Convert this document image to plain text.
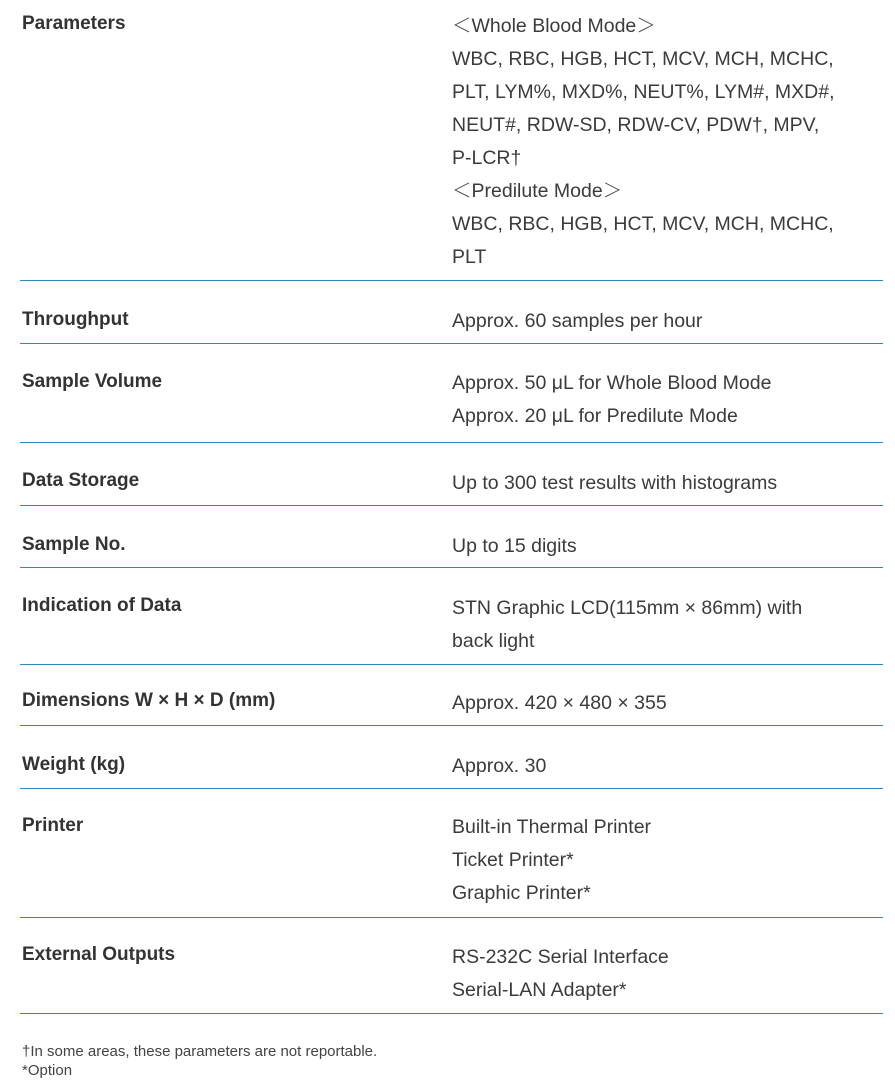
Parameters	＜Whole Blood Mode＞
WBC, RBC, HGB, HCT, MCV, MCH, MCHC,
PLT, LYM%, MXD%, NEUT%, LYM#, MXD#,
NEUT#, RDW-SD, RDW-CV, PDW†, MPV,
P-LCR†
＜Predilute Mode＞
WBC, RBC, HGB, HCT, MCV, MCH, MCHC,
PLT
Throughput	Approx. 60 samples per hour
Sample Volume	Approx. 50 μL for Whole Blood Mode
Approx. 20 μL for Predilute Mode
Data Storage	Up to 300 test results with histograms
Sample No.	Up to 15 digits
Indication of Data	STN Graphic LCD(115mm × 86mm) with
back light
Dimensions W × H × D (mm)	Approx. 420 × 480 × 355
Weight (kg)	Approx. 30
Printer	Built-in Thermal Printer
Ticket Printer*
Graphic Printer*
External Outputs	RS-232C Serial Interface
Serial-LAN Adapter*
†In some areas, these parameters are not reportable.
*Option
